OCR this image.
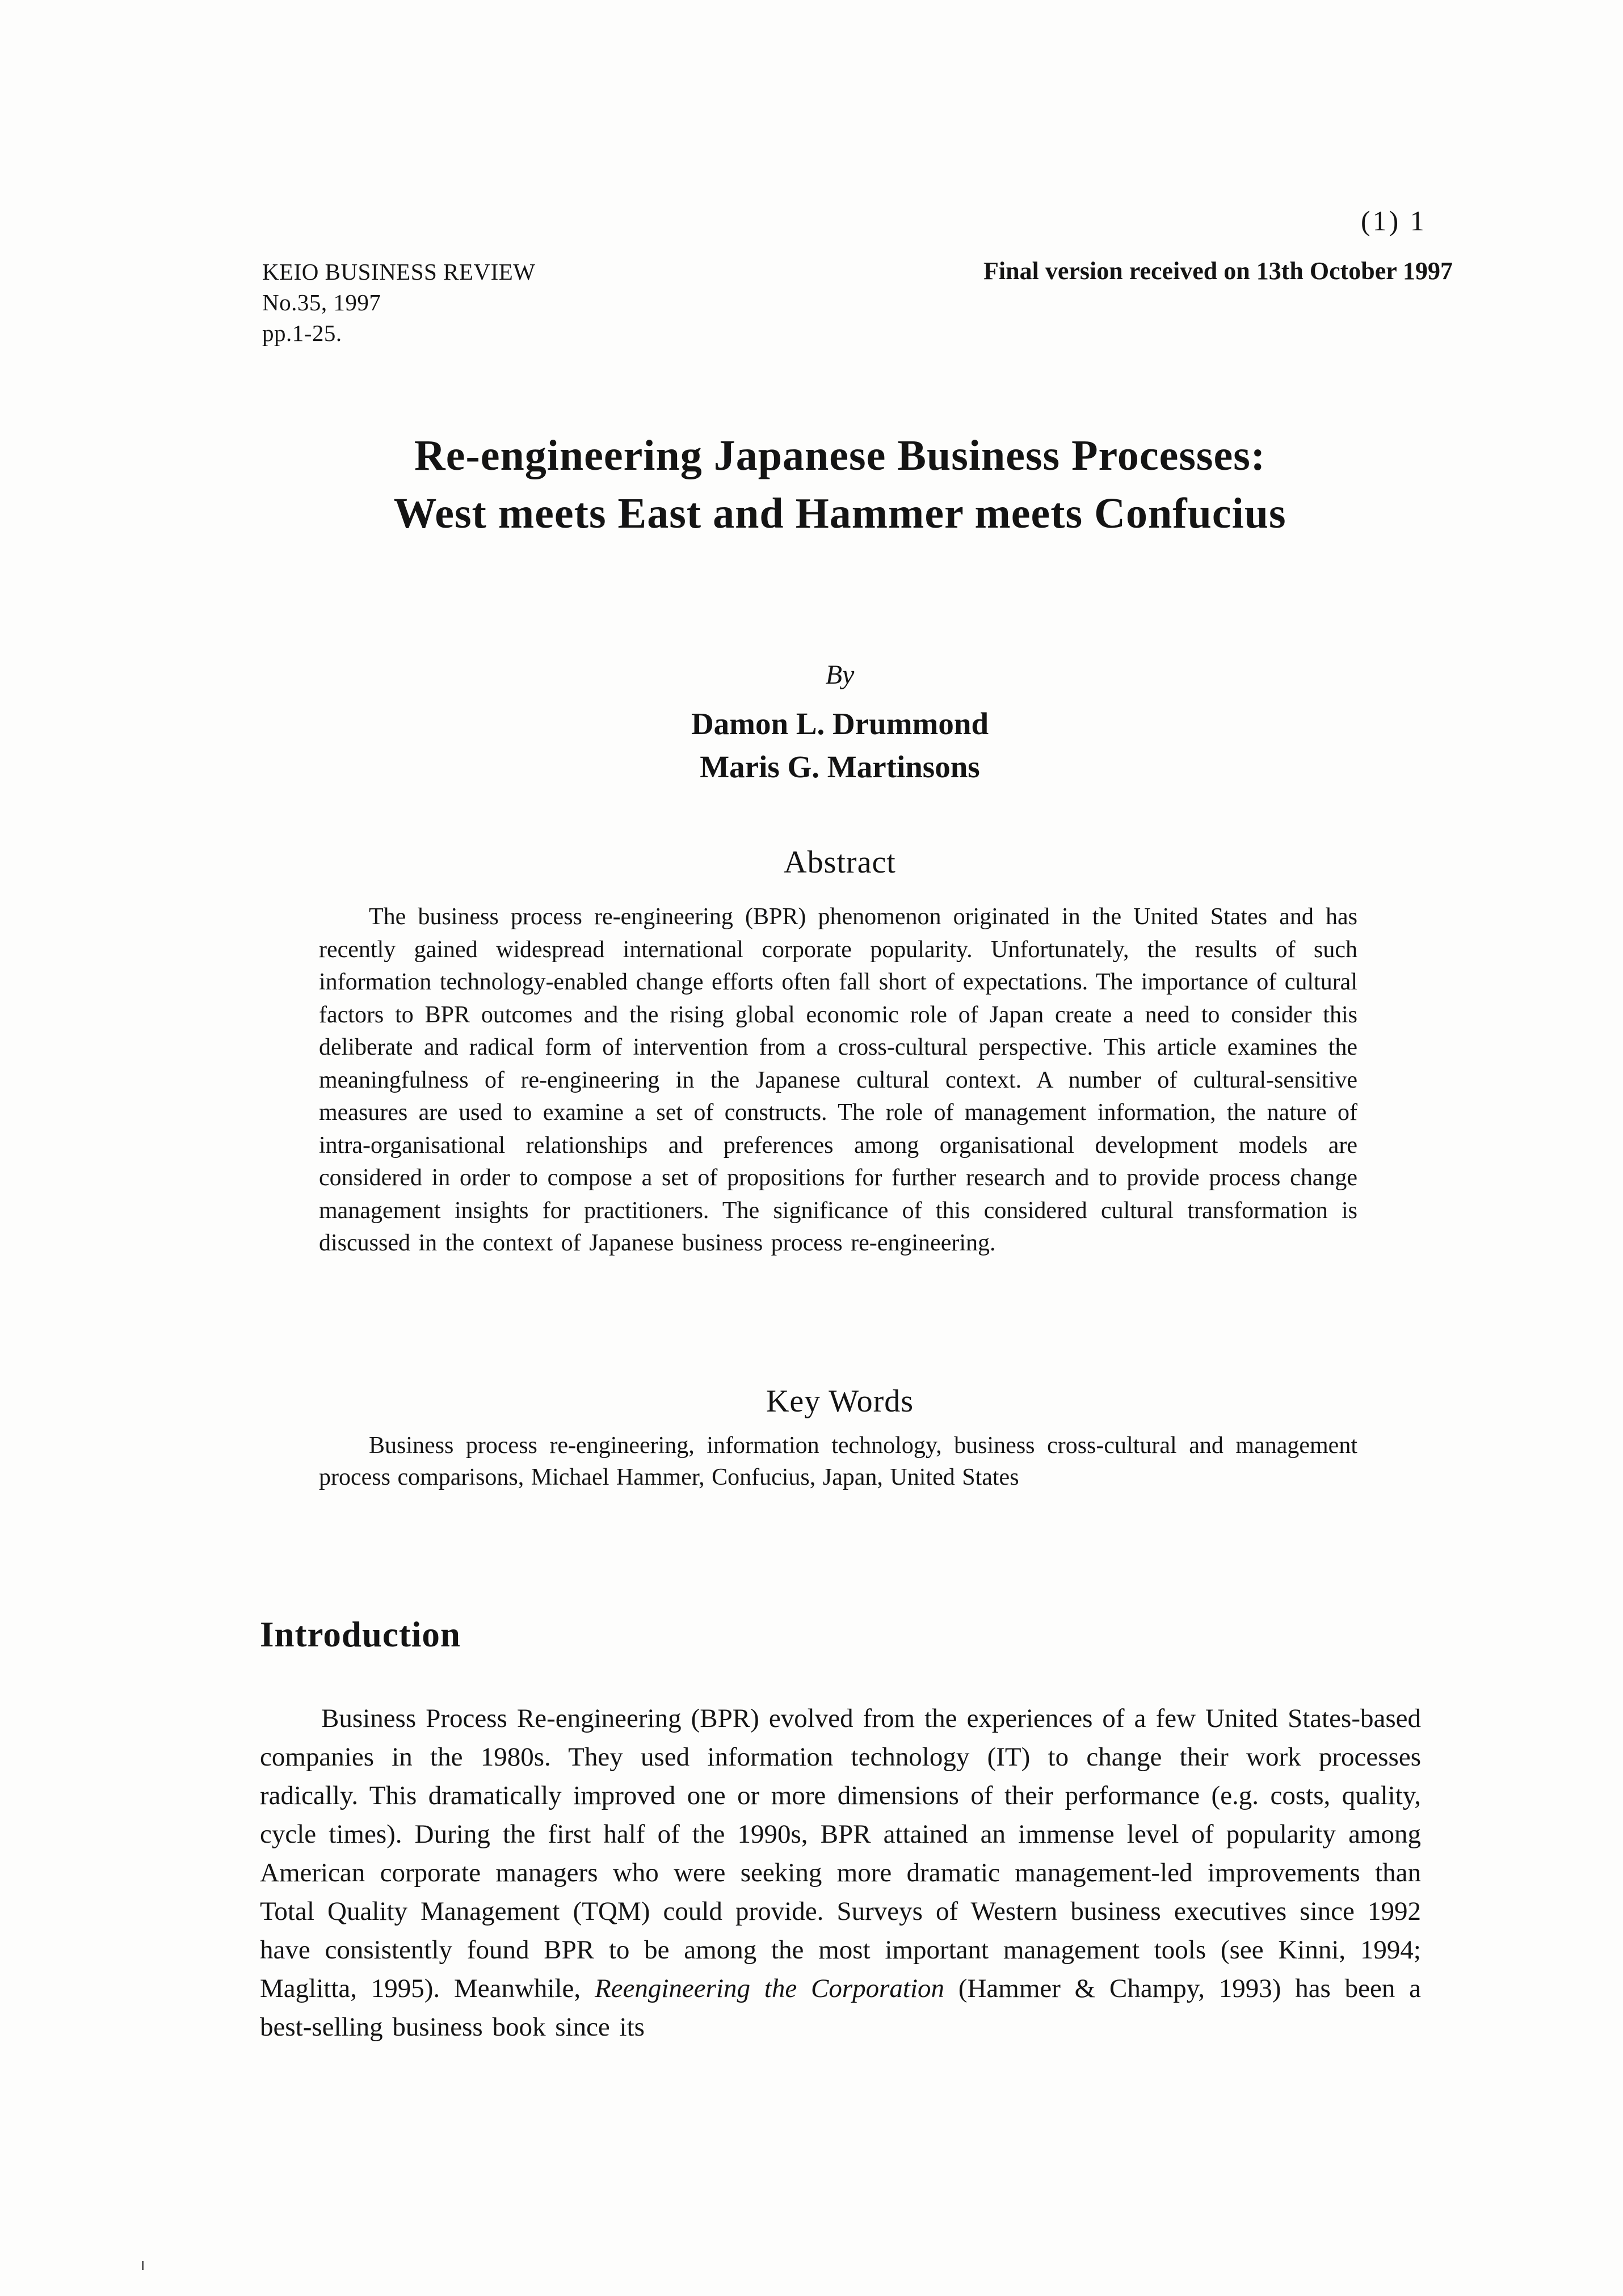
(1) 1
KEIO BUSINESS REVIEW
No.35, 1997
pp.1-25.
Final version received on 13th October 1997
Re-engineering Japanese Business Processes:
West meets East and Hammer meets Confucius
By
Damon L. Drummond
Maris G. Martinsons
Abstract

The business process re-engineering (BPR) phenomenon originated in the United States and has recently gained widespread international corporate popularity. Unfortunately, the results of such information technology-enabled change efforts often fall short of expectations. The importance of cultural factors to BPR outcomes and the rising global economic role of Japan create a need to consider this deliberate and radical form of intervention from a cross-cultural perspective. This article examines the meaningfulness of re-engineering in the Japanese cultural context. A number of cultural-sensitive measures are used to examine a set of constructs. The role of management information, the nature of intra-organisational relationships and preferences among organisational development models are considered in order to compose a set of propositions for further research and to provide process change management insights for practitioners. The significance of this considered cultural transformation is discussed in the context of Japanese business process re-engineering.

Key Words

Business process re-engineering, information technology, business cross-cultural and management process comparisons, Michael Hammer, Confucius, Japan, United States

Introduction

Business Process Re-engineering (BPR) evolved from the experiences of a few United States-based companies in the 1980s. They used information technology (IT) to change their work processes radically. This dramatically improved one or more dimensions of their performance (e.g. costs, quality, cycle times). During the first half of the 1990s, BPR attained an immense level of popularity among American corporate managers who were seeking more dramatic management-led improvements than Total Quality Management (TQM) could provide. Surveys of Western business executives since 1992 have consistently found BPR to be among the most important management tools (see Kinni, 1994; Maglitta, 1995). Meanwhile, Reengineering the Corporation (Hammer & Champy, 1993) has been a best-selling business book since its
